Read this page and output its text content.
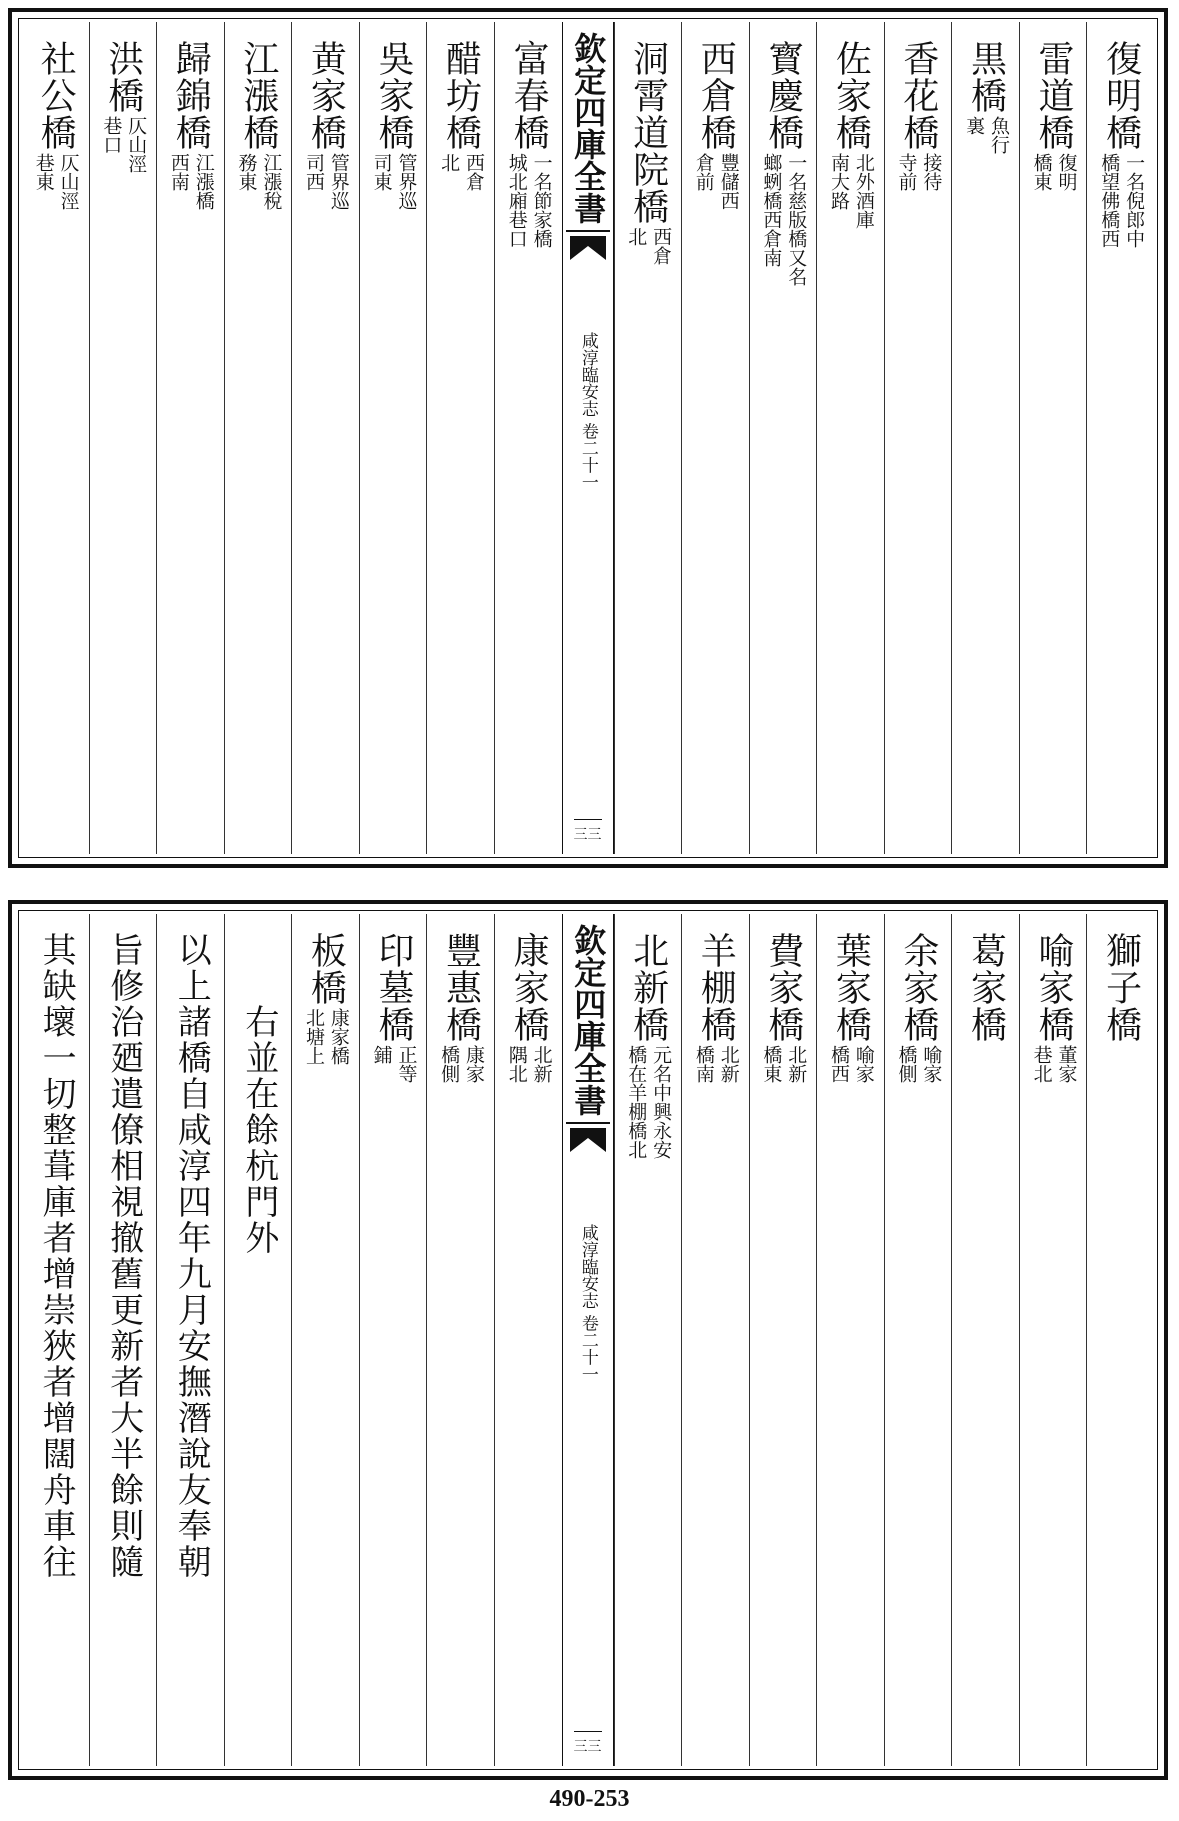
復明橋
一名倪郎中
橋望佛橋西
雷道橋
復明
橋東
黒橋
魚行
裏
香花橋
接待
寺前
佐家橋
北外酒庫
南大路
寳慶橋
一名慈版橋又名
螂蛚橋西倉南
西倉橋
豐儲西
倉前
洞霄道院橋
西倉
北
欽定四庫全書
咸淳臨安志 卷二十一
三三
富春橋
一名節家橋
城北廂巷口
醋坊橋
西倉
北
吳家橋
管界巡
司東
黄家橋
管界巡
司西
江漲橋
江漲稅
務東
歸錦橋
江漲橋
西南
洪橋
仄山涇
巷口
社公橋
仄山涇
巷東
獅子橋
喻家橋
董家
巷北
葛家橋
余家橋
喻家
橋側
葉家橋
喻家
橋西
費家橋
北新
橋東
羊棚橋
北新
橋南
北新橋
元名中興永安
橋在羊棚橋北
欽定四庫全書
咸淳臨安志 卷二十一
三三
康家橋
北新
隅北
豐惠橋
康家
橋側
印墓橋
正等
鋪
板橋
康家橋
北塘上
右並在餘杭門外
以上諸橋自咸淳四年九月安撫潛說友奉朝
旨修治廼遣僚相視撤舊更新者大半餘則隨
其缺壞一切整葺庫者增崇狹者增闊舟車往
490-253
